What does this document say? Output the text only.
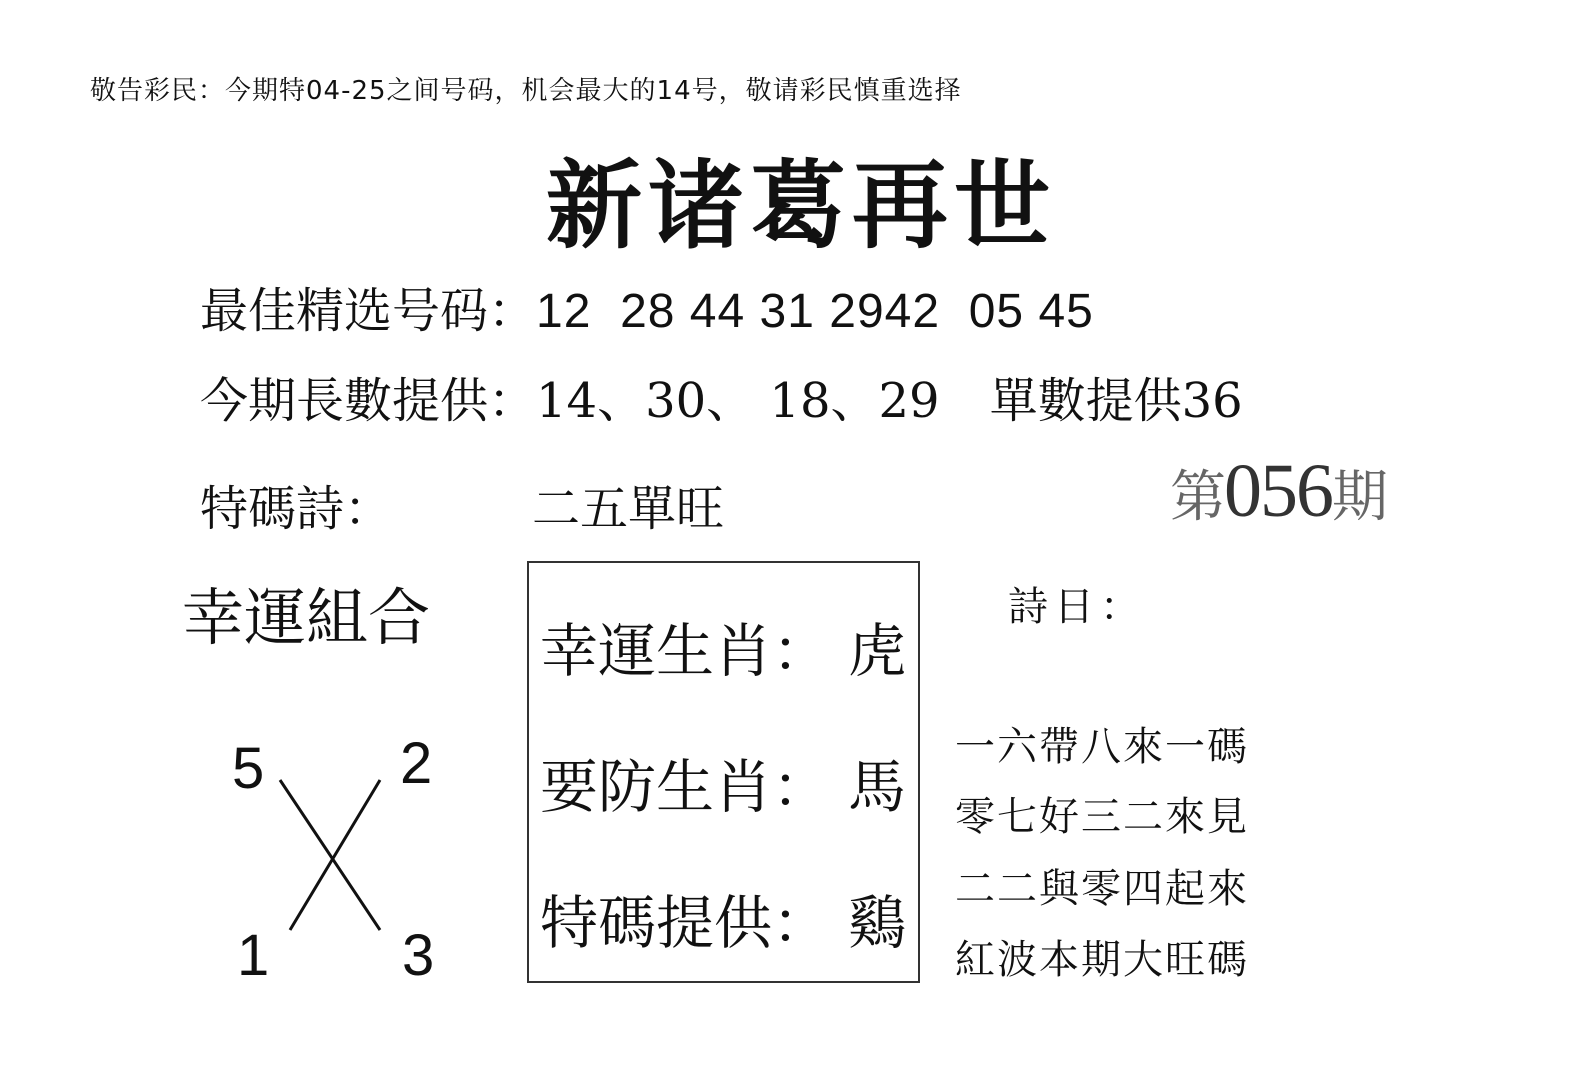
敬告彩民：今期特04-25之间号码，机会最大的14号，敬请彩民慎重选择
新诸葛再世
最佳精选号码：12  28 44 31 2942  05 45
今期長數提供：14、30、 18、29 單數提供36
特碼詩：	二五單旺	第056期
幸運組合
5 2
1 3
幸運生肖： 虎
要防生肖： 馬
特碼提供： 鷄
詩日：
一六帶八來一碼
零七好三二來見
二二與零四起來
紅波本期大旺碼
